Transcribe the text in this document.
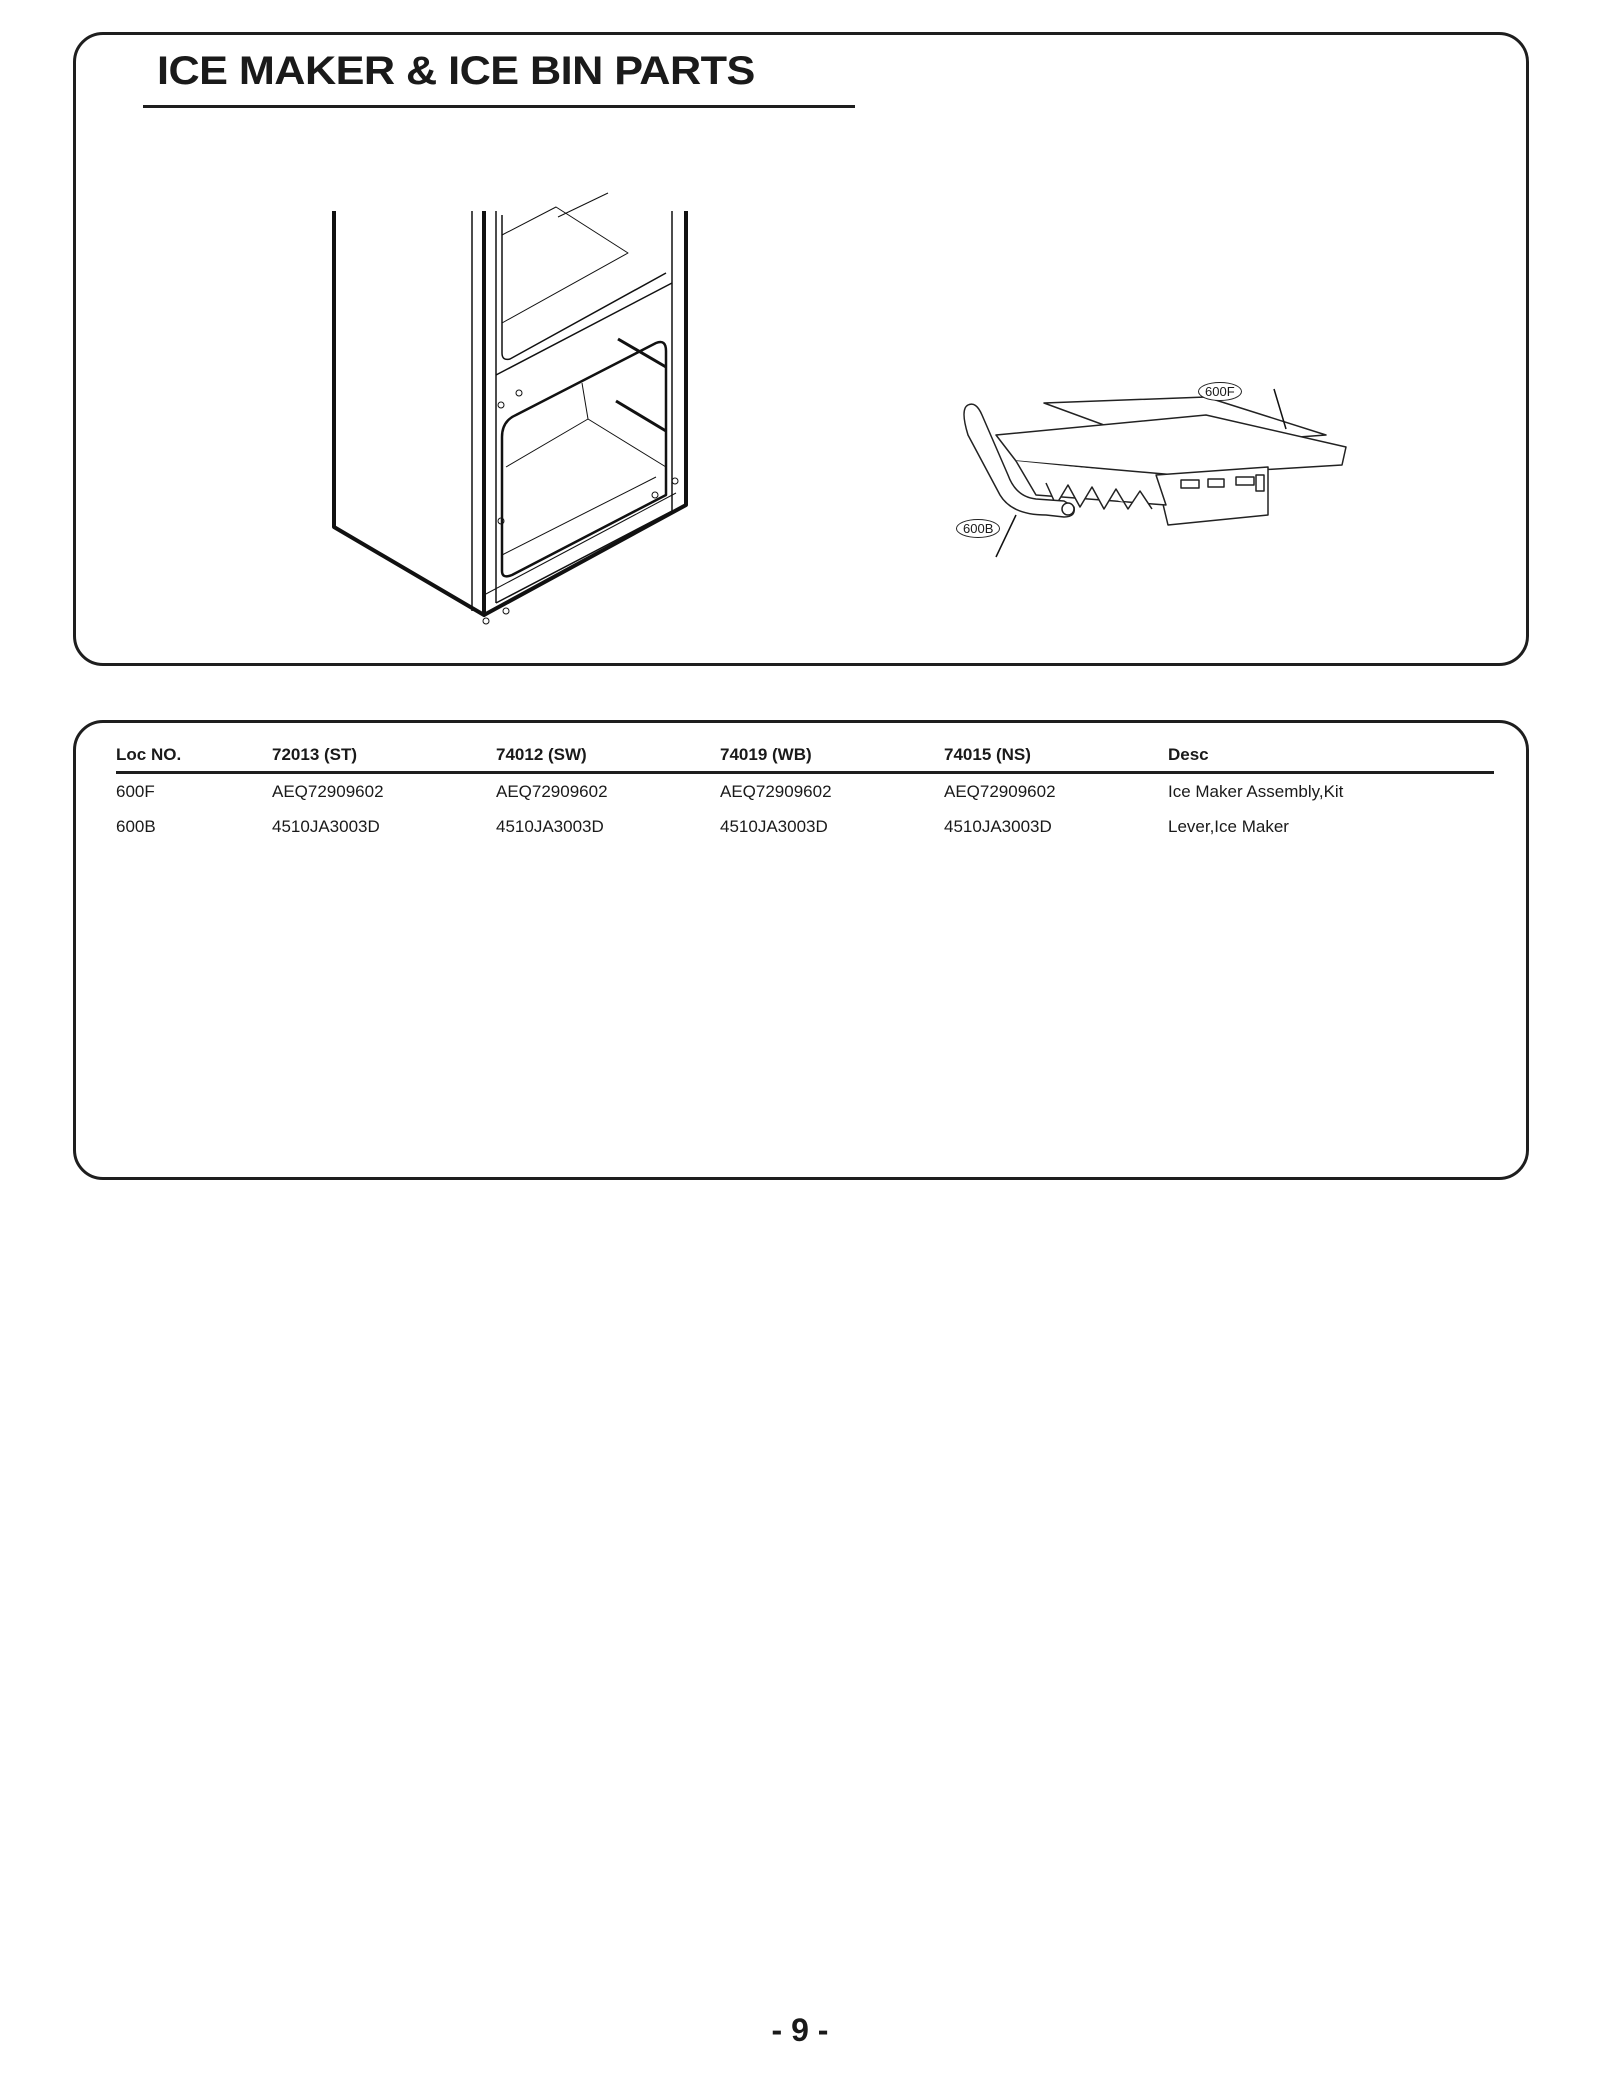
ICE MAKER & ICE BIN PARTS
600F
600B
Loc NO.	72013 (ST)	74012 (SW)	74019 (WB)	74015 (NS)	Desc
600F	AEQ72909602	AEQ72909602	AEQ72909602	AEQ72909602	Ice Maker Assembly,Kit
600B	4510JA3003D	4510JA3003D	4510JA3003D	4510JA3003D	Lever,Ice Maker
- 9 -
